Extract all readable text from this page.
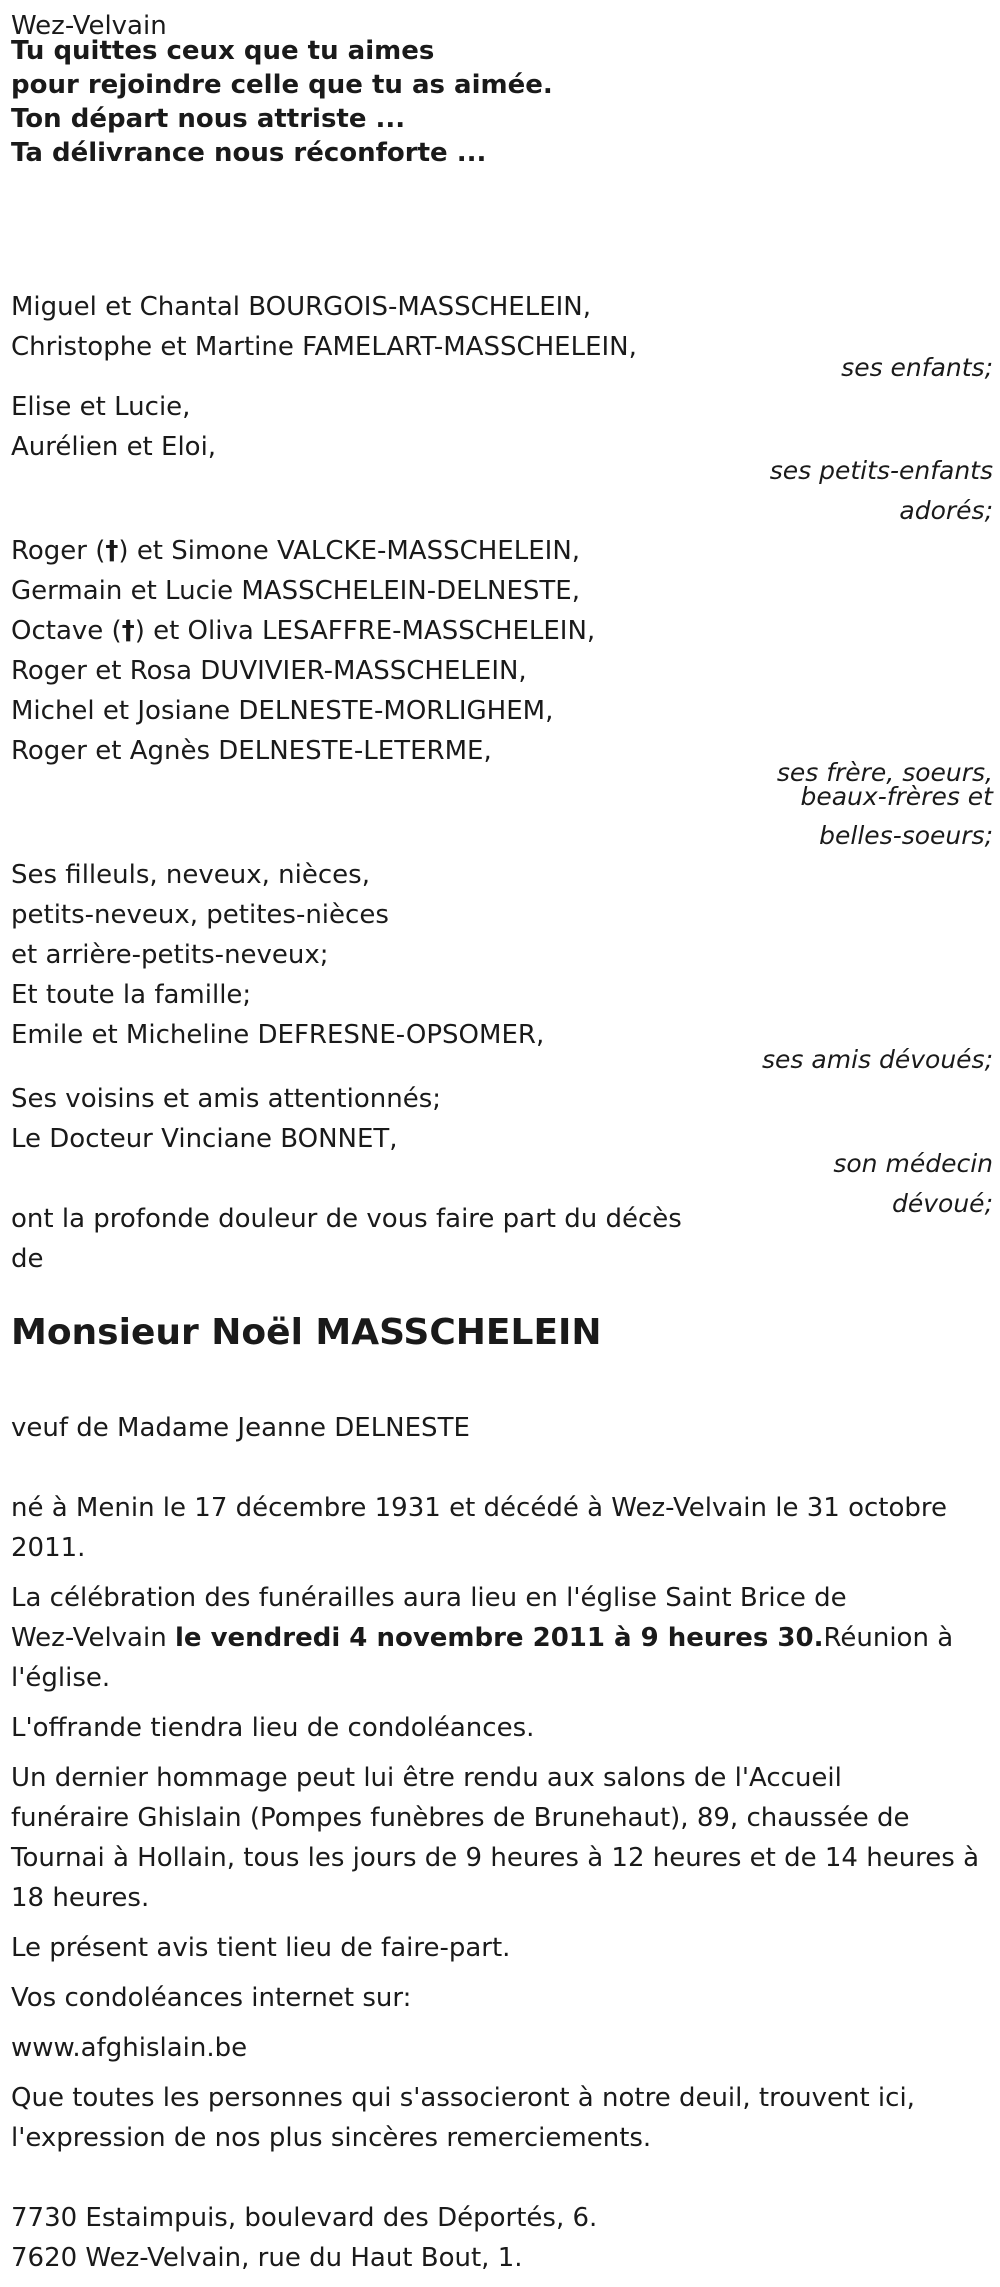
Wez-Velvain
Tu quittes ceux que tu aimes
pour rejoindre celle que tu as aimée.
Ton départ nous attriste ...
Ta délivrance nous réconforte ...
Miguel et Chantal BOURGOIS-MASSCHELEIN,
Christophe et Martine FAMELART-MASSCHELEIN,
ses enfants;
Elise et Lucie,
Aurélien et Eloi,
ses petits-enfants
adorés;
Roger (†) et Simone VALCKE-MASSCHELEIN,
Germain et Lucie MASSCHELEIN-DELNESTE,
Octave (†) et Oliva LESAFFRE-MASSCHELEIN,
Roger et Rosa DUVIVIER-MASSCHELEIN,
Michel et Josiane DELNESTE-MORLIGHEM,
Roger et Agnès DELNESTE-LETERME,
ses frère, soeurs,
beaux-frères et
belles-soeurs;
Ses filleuls, neveux, nièces,
petits-neveux, petites-nièces
et arrière-petits-neveux;
Et toute la famille;
Emile et Micheline DEFRESNE-OPSOMER,
ses amis dévoués;
Ses voisins et amis attentionnés;
Le Docteur Vinciane BONNET,
son médecin
dévoué;
ont la profonde douleur de vous faire part du décès
de
Monsieur Noël MASSCHELEIN
veuf de Madame Jeanne DELNESTE
né à Menin le 17 décembre 1931 et décédé à Wez-Velvain le 31 octobre
2011.
La célébration des funérailles aura lieu en l'église Saint Brice de
Wez-Velvain le vendredi 4 novembre 2011 à 9 heures 30.Réunion à
l'église.
L'offrande tiendra lieu de condoléances.
Un dernier hommage peut lui être rendu aux salons de l'Accueil
funéraire Ghislain (Pompes funèbres de Brunehaut), 89, chaussée de
Tournai à Hollain, tous les jours de 9 heures à 12 heures et de 14 heures à
18 heures.
Le présent avis tient lieu de faire-part.
Vos condoléances internet sur:
www.afghislain.be
Que toutes les personnes qui s'associeront à notre deuil, trouvent ici,
l'expression de nos plus sincères remerciements.
7730 Estaimpuis, boulevard des Déportés, 6.
7620 Wez-Velvain, rue du Haut Bout, 1.
